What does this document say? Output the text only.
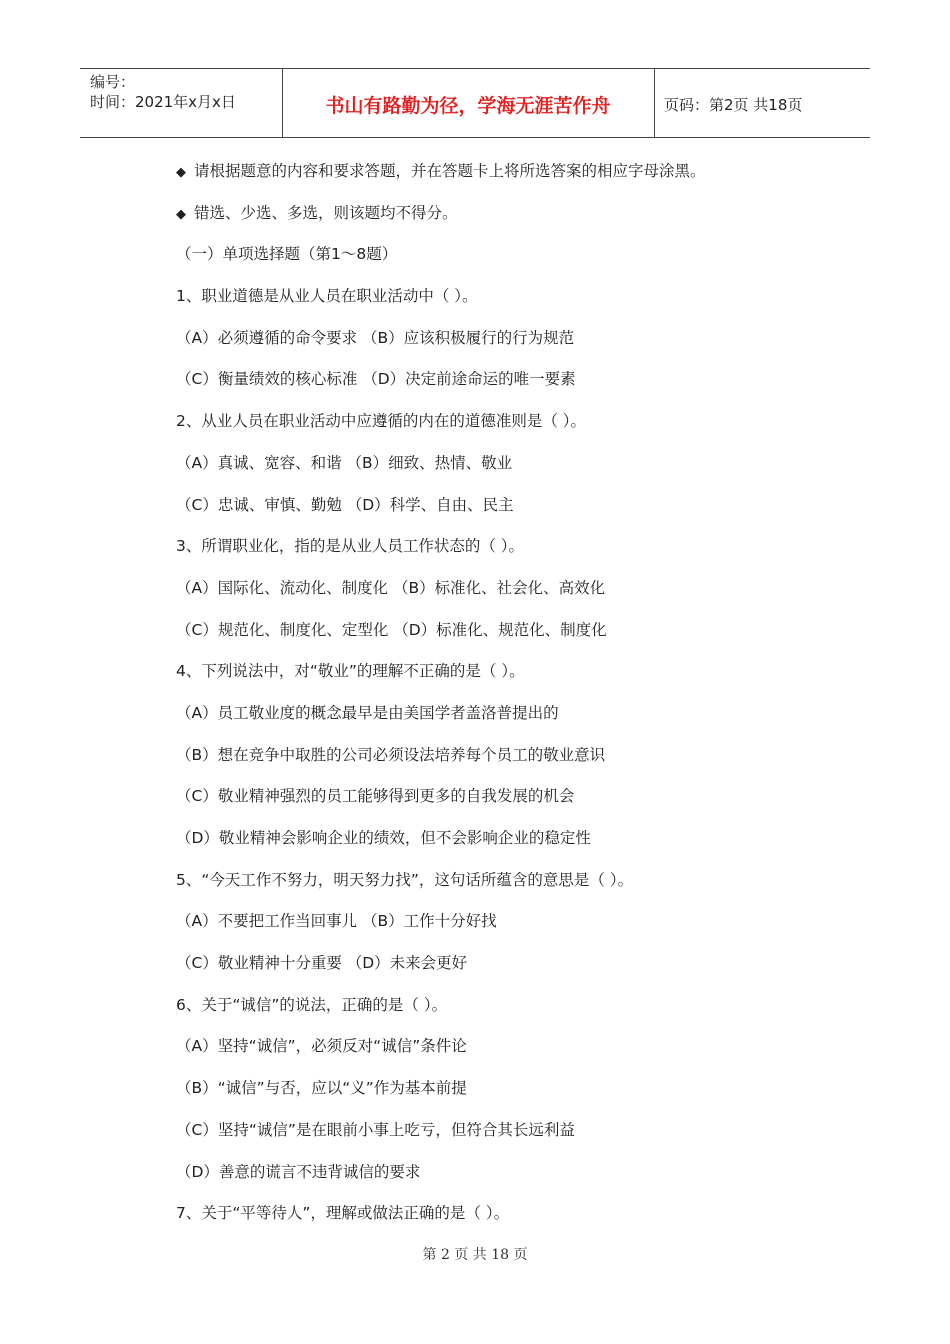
编号：
时间：2021年x月x日	书山有路勤为径，学海无涯苦作舟	页码：第2页 共18页
◆ 请根据题意的内容和要求答题，并在答题卡上将所选答案的相应字母涂黑。
◆ 错选、少选、多选，则该题均不得分。
（一）单项选择题（第1～8题）
1、职业道德是从业人员在职业活动中（ ）。
（A）必须遵循的命令要求 （B）应该积极履行的行为规范
（C）衡量绩效的核心标准 （D）决定前途命运的唯一要素
2、从业人员在职业活动中应遵循的内在的道德准则是（ ）。
（A）真诚、宽容、和谐 （B）细致、热情、敬业
（C）忠诚、审慎、勤勉 （D）科学、自由、民主
3、所谓职业化，指的是从业人员工作状态的（ ）。
（A）国际化、流动化、制度化 （B）标准化、社会化、高效化
（C）规范化、制度化、定型化 （D）标准化、规范化、制度化
4、下列说法中，对“敬业”的理解不正确的是（ ）。
（A）员工敬业度的概念最早是由美国学者盖洛普提出的
（B）想在竞争中取胜的公司必须设法培养每个员工的敬业意识
（C）敬业精神强烈的员工能够得到更多的自我发展的机会
（D）敬业精神会影响企业的绩效，但不会影响企业的稳定性
5、“今天工作不努力，明天努力找”，这句话所蕴含的意思是（ ）。
（A）不要把工作当回事儿 （B）工作十分好找
（C）敬业精神十分重要 （D）未来会更好
6、关于“诚信”的说法，正确的是（ ）。
（A）坚持“诚信”，必须反对“诚信”条件论
（B）“诚信”与否，应以“义”作为基本前提
（C）坚持“诚信”是在眼前小事上吃亏，但符合其长远利益
（D）善意的谎言不违背诚信的要求
7、关于“平等待人”，理解或做法正确的是（ ）。
第 2 页 共 18 页
